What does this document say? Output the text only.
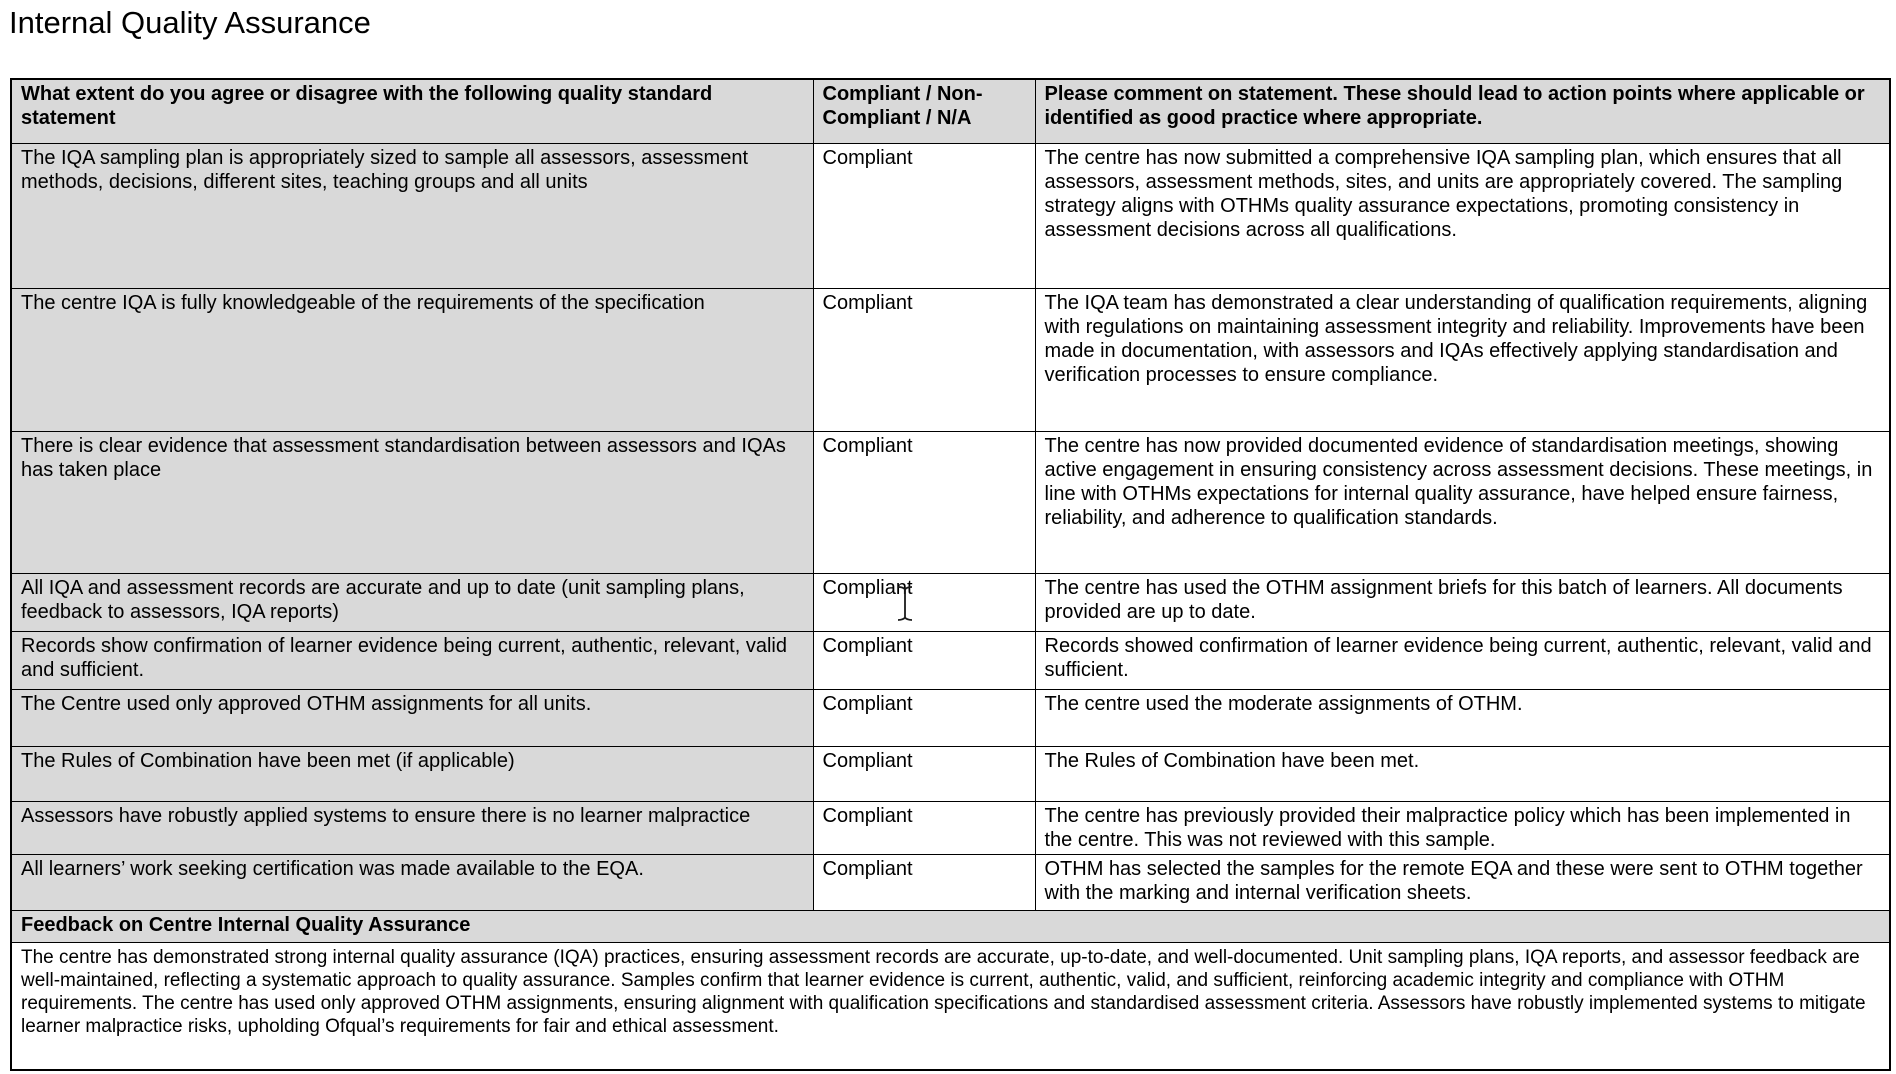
Internal Quality Assurance
What extent do you agree or disagree with the following quality standard statement	Compliant / Non-Compliant / N/A	Please comment on statement. These should lead to action points where applicable or identified as good practice where appropriate.
The IQA sampling plan is appropriately sized to sample all assessors, assessment methods, decisions, different sites, teaching groups and all units	Compliant	The centre has now submitted a comprehensive IQA sampling plan, which ensures that all assessors, assessment methods, sites, and units are appropriately covered. The sampling strategy aligns with OTHMs quality assurance expectations, promoting consistency in assessment decisions across all qualifications.
The centre IQA is fully knowledgeable of the requirements of the specification	Compliant	The IQA team has demonstrated a clear understanding of qualification requirements, aligning with regulations on maintaining assessment integrity and reliability. Improvements have been made in documentation, with assessors and IQAs effectively applying standardisation and verification processes to ensure compliance.
There is clear evidence that assessment standardisation between assessors and IQAs has taken place	Compliant	The centre has now provided documented evidence of standardisation meetings, showing active engagement in ensuring consistency across assessment decisions. These meetings, in line with OTHMs expectations for internal quality assurance, have helped ensure fairness, reliability, and adherence to qualification standards.
All IQA and assessment records are accurate and up to date (unit sampling plans, feedback to assessors, IQA reports)	Compliant	The centre has used the OTHM assignment briefs for this batch of learners. All documents provided are up to date.
Records show confirmation of learner evidence being current, authentic, relevant, valid and sufficient.	Compliant	Records showed confirmation of learner evidence being current, authentic, relevant, valid and sufficient.
The Centre used only approved OTHM assignments for all units.	Compliant	The centre used the moderate assignments of OTHM.
The Rules of Combination have been met (if applicable)	Compliant	The Rules of Combination have been met.
Assessors have robustly applied systems to ensure there is no learner malpractice	Compliant	The centre has previously provided their malpractice policy which has been implemented in the centre. This was not reviewed with this sample.
All learners’ work seeking certification was made available to the EQA.	Compliant	OTHM has selected the samples for the remote EQA and these were sent to OTHM together with the marking and internal verification sheets.
Feedback on Centre Internal Quality Assurance		
The centre has demonstrated strong internal quality assurance (IQA) practices, ensuring assessment records are accurate, up-to-date, and well-documented. Unit sampling plans, IQA reports, and assessor feedback are well-maintained, reflecting a systematic approach to quality assurance. Samples confirm that learner evidence is current, authentic, valid, and sufficient, reinforcing academic integrity and compliance with OTHM requirements. The centre has used only approved OTHM assignments, ensuring alignment with qualification specifications and standardised assessment criteria. Assessors have robustly implemented systems to mitigate learner malpractice risks, upholding Ofqual’s requirements for fair and ethical assessment.		
